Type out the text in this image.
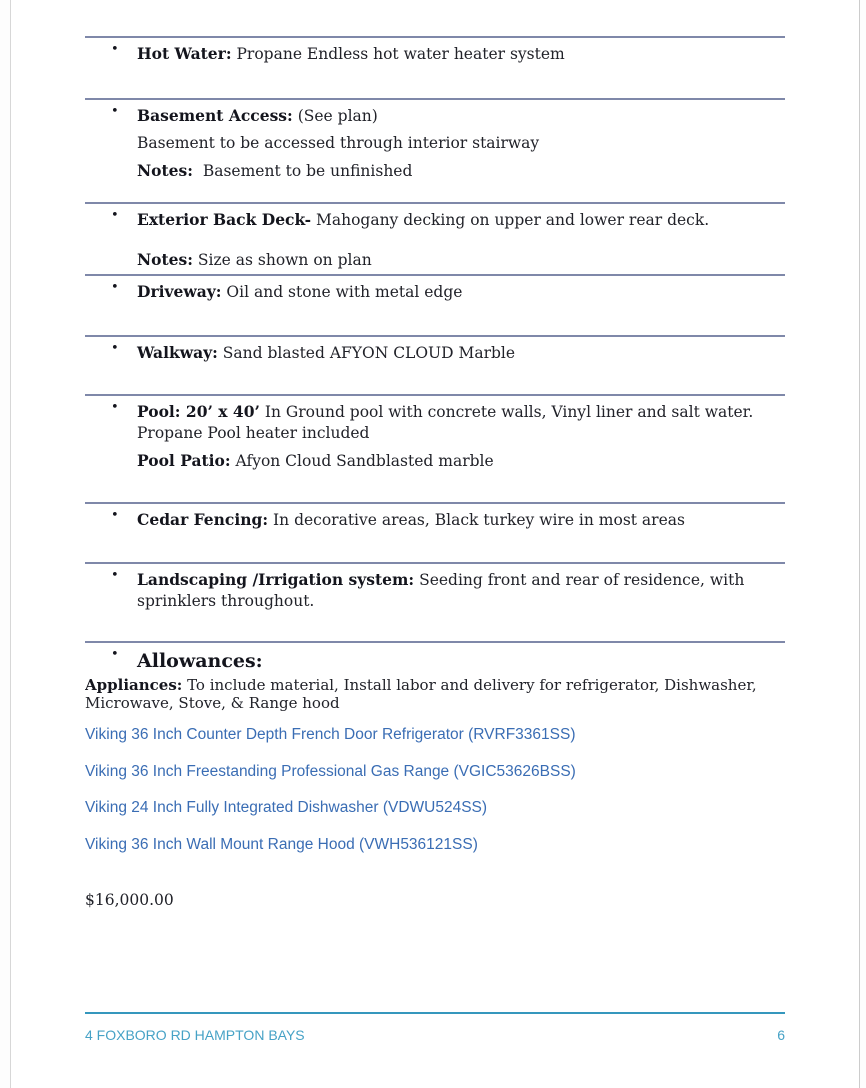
• Hot Water: Propane Endless hot water heater system

• Basement Access: (See plan)

Basement to be accessed through interior stairway

Notes: Basement to be unfinished

• Exterior Back Deck- Mahogany decking on upper and lower rear deck.

Notes: Size as shown on plan

• Driveway: Oil and stone with metal edge

• Walkway: Sand blasted AFYON CLOUD Marble

• Pool: 20’ x 40’ In Ground pool with concrete walls, Vinyl liner and salt water. Propane Pool heater included

Pool Patio: Afyon Cloud Sandblasted marble

• Cedar Fencing: In decorative areas, Black turkey wire in most areas

• Landscaping /Irrigation system: Seeding front and rear of residence, with sprinklers throughout.

• Allowances:

Appliances: To include material, Install labor and delivery for refrigerator, Dishwasher, Microwave, Stove, & Range hood

Viking 36 Inch Counter Depth French Door Refrigerator (RVRF3361SS)
Viking 36 Inch Freestanding Professional Gas Range (VGIC53626BSS)
Viking 24 Inch Fully Integrated Dishwasher (VDWU524SS)
Viking 36 Inch Wall Mount Range Hood (VWH536121SS)

$16,000.00

4 FOXBORO RD HAMPTON BAYS	6
